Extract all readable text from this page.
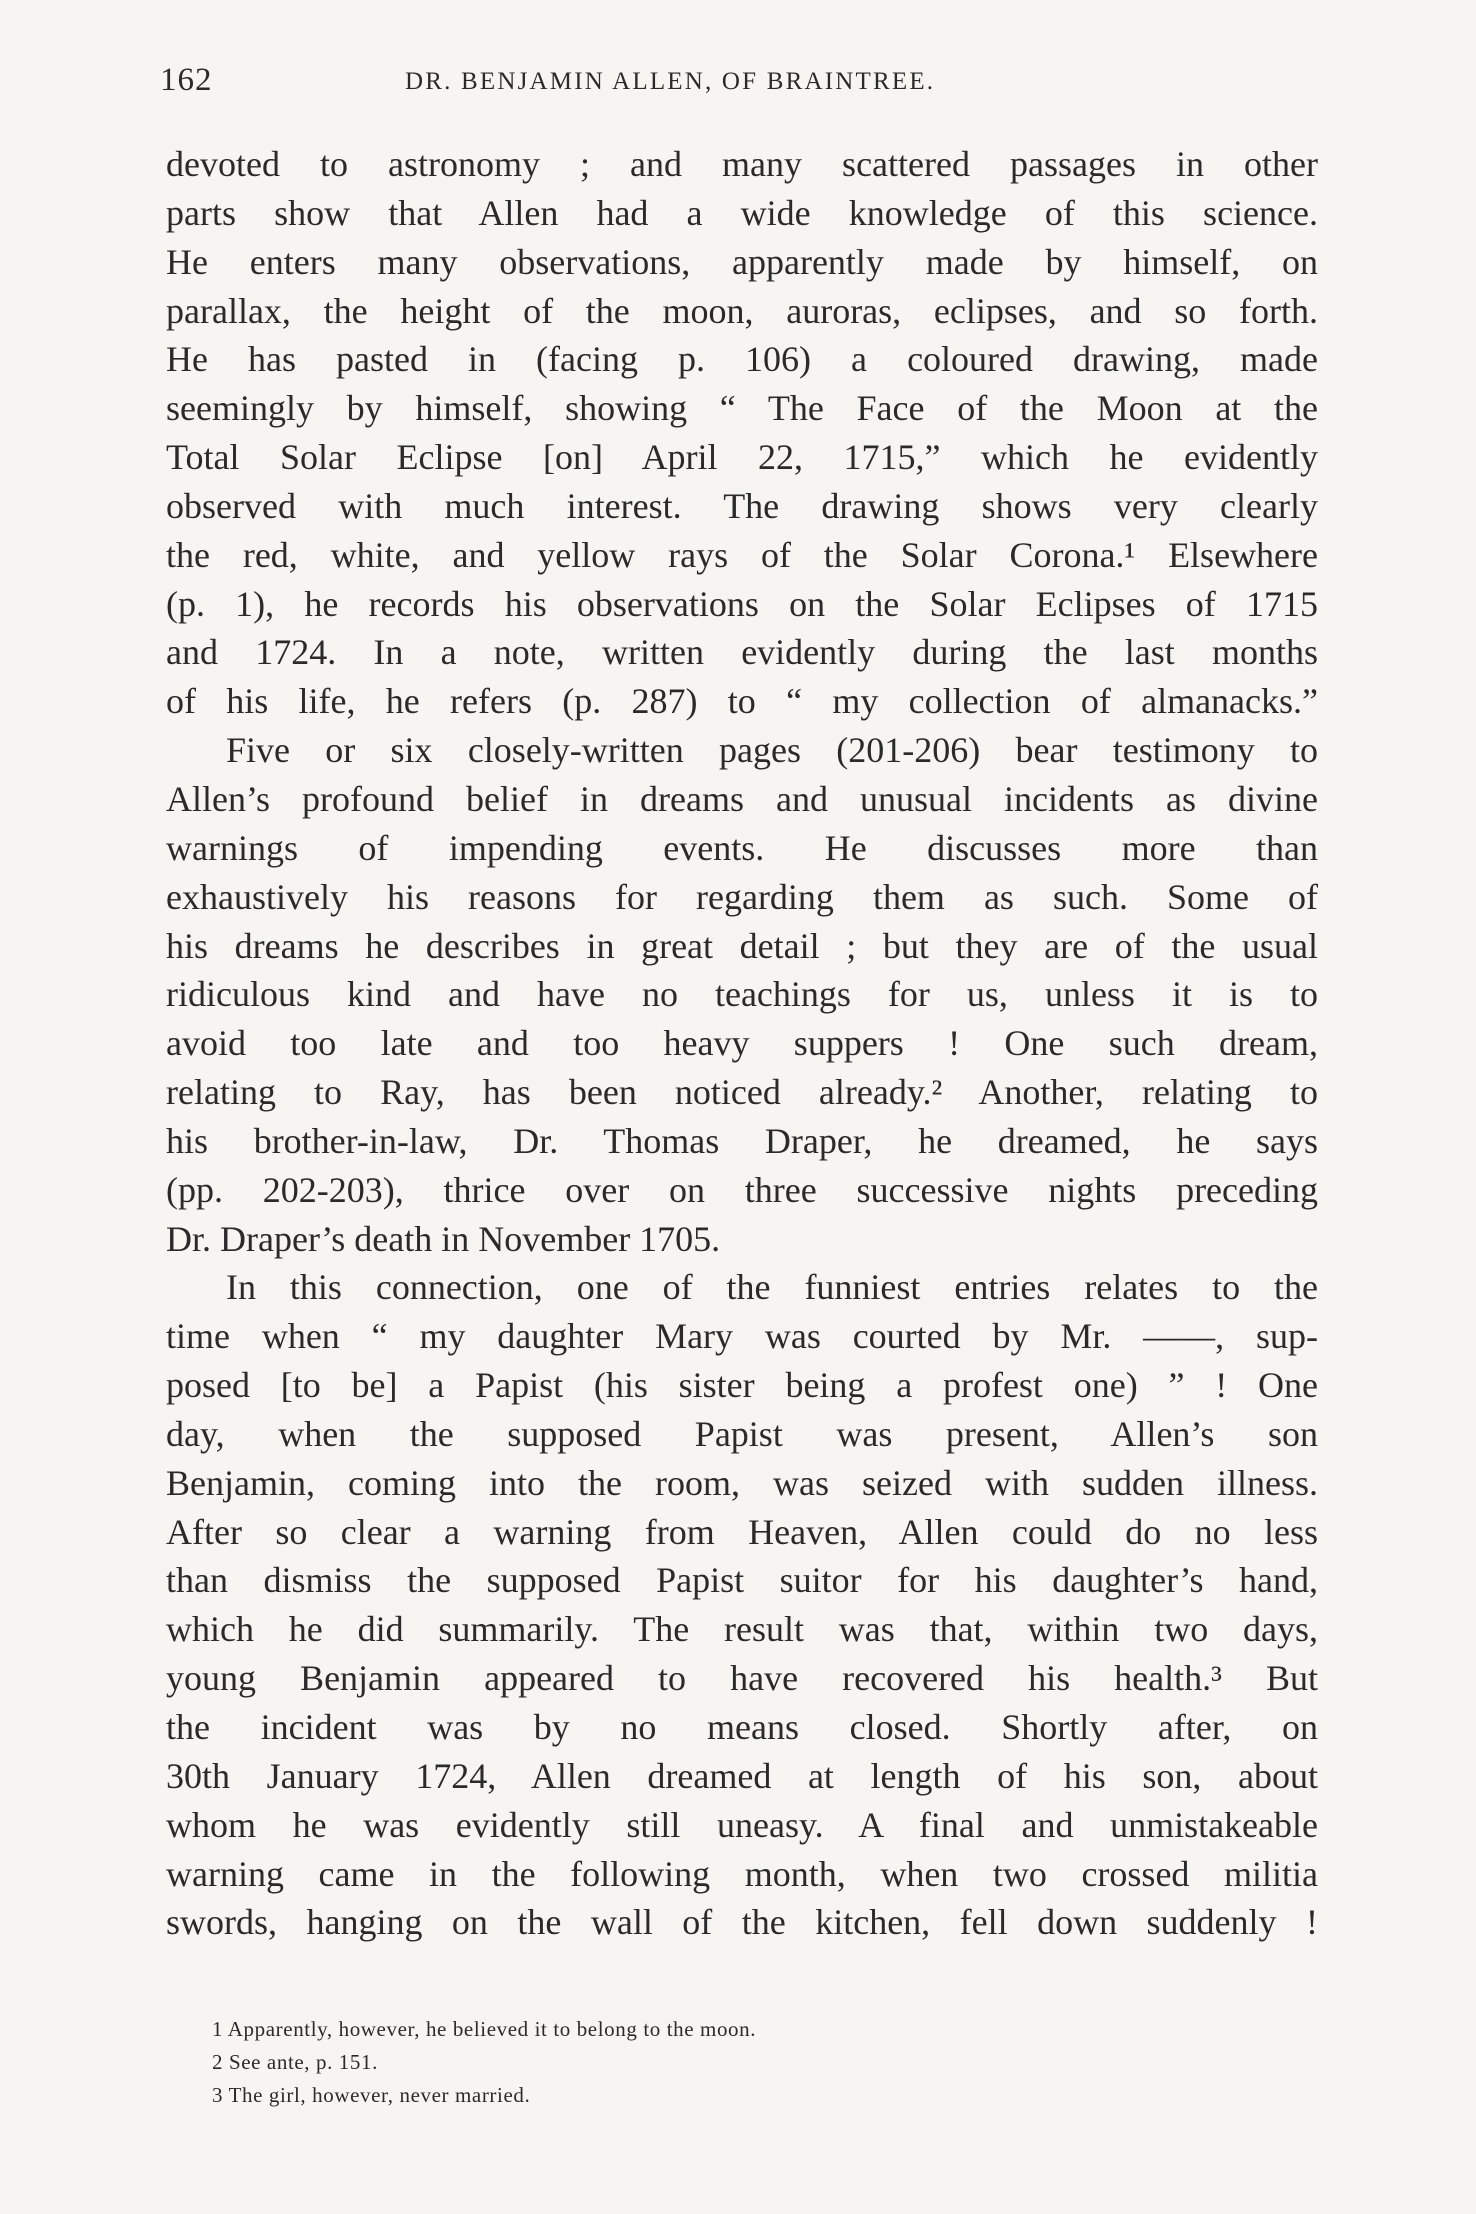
162	DR. BENJAMIN ALLEN, OF BRAINTREE.
devoted to astronomy ; and many scattered passages in other
parts show that Allen had a wide knowledge of this science.
He enters many observations, apparently made by himself, on
parallax, the height of the moon, auroras, eclipses, and so forth.
He has pasted in (facing p. 106) a coloured drawing, made
seemingly by himself, showing “ The Face of the Moon at the
Total Solar Eclipse [on] April 22, 1715,” which he evidently
observed with much interest. The drawing shows very clearly
the red, white, and yellow rays of the Solar Corona.¹ Elsewhere
(p. 1), he records his observations on the Solar Eclipses of 1715
and 1724. In a note, written evidently during the last months
of his life, he refers (p. 287) to “ my collection of almanacks.”
Five or six closely-written pages (201-206) bear testimony to
Allen’s profound belief in dreams and unusual incidents as divine
warnings of impending events. He discusses more than
exhaustively his reasons for regarding them as such. Some of
his dreams he describes in great detail ; but they are of the usual
ridiculous kind and have no teachings for us, unless it is to
avoid too late and too heavy suppers ! One such dream,
relating to Ray, has been noticed already.² Another, relating to
his brother-in-law, Dr. Thomas Draper, he dreamed, he says
(pp. 202-203), thrice over on three successive nights preceding
Dr. Draper’s death in November 1705.
In this connection, one of the funniest entries relates to the
time when “ my daughter Mary was courted by Mr. ——, sup-
posed [to be] a Papist (his sister being a profest one) ” ! One
day, when the supposed Papist was present, Allen’s son
Benjamin, coming into the room, was seized with sudden illness.
After so clear a warning from Heaven, Allen could do no less
than dismiss the supposed Papist suitor for his daughter’s hand,
which he did summarily. The result was that, within two days,
young Benjamin appeared to have recovered his health.³ But
the incident was by no means closed. Shortly after, on
30th January 1724, Allen dreamed at length of his son, about
whom he was evidently still uneasy. A final and unmistakeable
warning came in the following month, when two crossed militia
swords, hanging on the wall of the kitchen, fell down suddenly !
1 Apparently, however, he believed it to belong to the moon.
2 See ante, p. 151.
3 The girl, however, never married.
